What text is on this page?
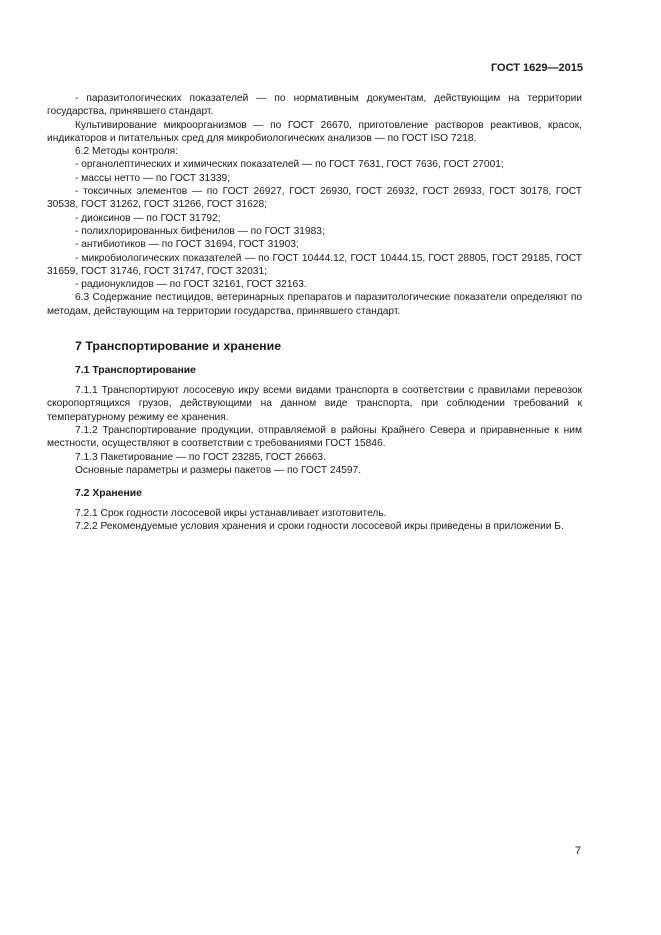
ГОСТ 1629—2015

- паразитологических показателей — по нормативным документам, действующим на территории государства, принявшего стандарт.

Культивирование микроорганизмов — по ГОСТ 26670, приготовление растворов реактивов, красок, индикаторов и питательных сред для микробиологических анализов — по ГОСТ ISO 7218.

6.2 Методы контроля:

- органолептических и химических показателей — по ГОСТ 7631, ГОСТ 7636, ГОСТ 27001;

- массы нетто — по ГОСТ 31339;

- токсичных элементов — по ГОСТ 26927, ГОСТ 26930, ГОСТ 26932, ГОСТ 26933, ГОСТ 30178, ГОСТ 30538, ГОСТ 31262, ГОСТ 31266, ГОСТ 31628;

- диоксинов — по ГОСТ 31792;

- полихлорированных бифенилов — по ГОСТ 31983;

- антибиотиков — по ГОСТ 31694, ГОСТ 31903;

- микробиологических показателей — по ГОСТ 10444.12, ГОСТ 10444.15, ГОСТ 28805, ГОСТ 29185, ГОСТ 31659, ГОСТ 31746, ГОСТ 31747, ГОСТ 32031;

- радионуклидов — по ГОСТ 32161, ГОСТ 32163.

6.3 Содержание пестицидов, ветеринарных препаратов и паразитологические показатели определяют по методам, действующим на территории государства, принявшего стандарт.

7 Транспортирование и хранение
7.1 Транспортирование

7.1.1 Транспортируют лососевую икру всеми видами транспорта в соответствии с правилами перевозок скоропортящихся грузов, действующими на данном виде транспорта, при соблюдении требований к температурному режиму ее хранения.

7.1.2 Транспортирование продукции, отправляемой в районы Крайнего Севера и приравненные к ним местности, осуществляют в соответствии с требованиями ГОСТ 15846.

7.1.3 Пакетирование — по ГОСТ 23285, ГОСТ 26663.

Основные параметры и размеры пакетов — по ГОСТ 24597.

7.2 Хранение

7.2.1 Срок годности лососевой икры устанавливает изготовитель.

7.2.2 Рекомендуемые условия хранения и сроки годности лососевой икры приведены в приложении Б.

7
